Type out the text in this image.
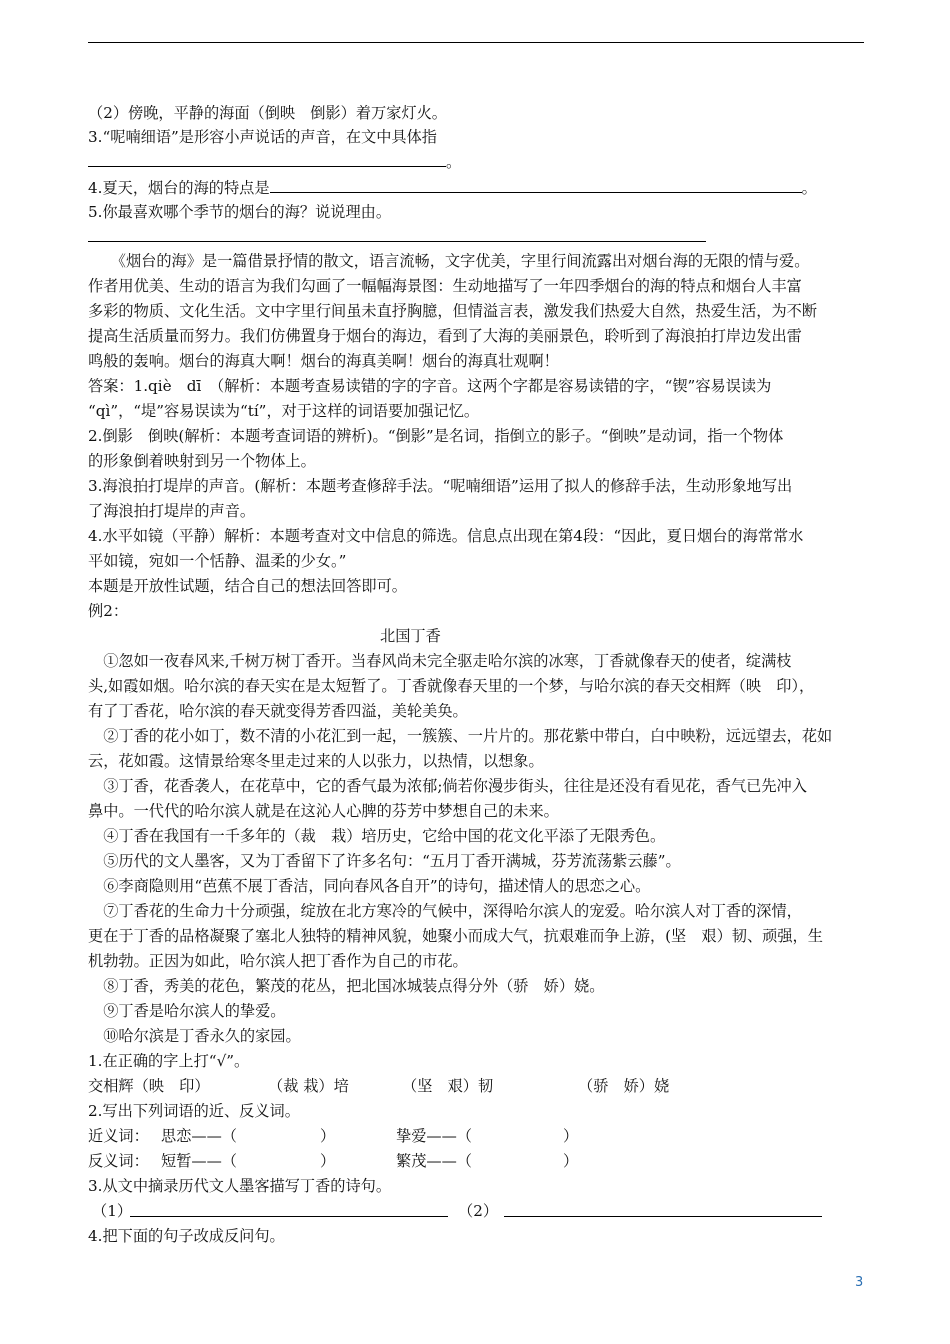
（2）傍晚，平静的海面（倒映　倒影）着万家灯火。
3.“呢喃细语”是形容小声说话的声音，在文中具体指
。
4.夏天，烟台的海的特点是	。
5.你最喜欢哪个季节的烟台的海？说说理由。
　　《烟台的海》是一篇借景抒情的散文，语言流畅，文字优美，字里行间流露出对烟台海的无限的情与爱。
作者用优美、生动的语言为我们勾画了一幅幅海景图：生动地描写了一年四季烟台的海的特点和烟台人丰富
多彩的物质、文化生活。文中字里行间虽未直抒胸臆，但情溢言表，激发我们热爱大自然，热爱生活，为不断
提高生活质量而努力。我们仿佛置身于烟台的海边，看到了大海的美丽景色，聆听到了海浪拍打岸边发出雷
鸣般的轰响。烟台的海真大啊！烟台的海真美啊！烟台的海真壮观啊！
答案：1.qiè　dī　（解析：本题考查易读错的字的字音。这两个字都是容易读错的字，“锲”容易误读为
“qì”，“堤”容易误读为“tí”，对于这样的词语要加强记忆。
2.倒影　倒映(解析：本题考查词语的辨析)。“倒影”是名词，指倒立的影子。“倒映”是动词，指一个物体
的形象倒着映射到另一个物体上。
3.海浪拍打堤岸的声音。(解析：本题考查修辞手法。“呢喃细语”运用了拟人的修辞手法，生动形象地写出
了海浪拍打堤岸的声音。
4.水平如镜（平静）解析：本题考查对文中信息的筛选。信息点出现在第4段：“因此，夏日烟台的海常常水
平如镜，宛如一个恬静、温柔的少女。”
本题是开放性试题，结合自己的想法回答即可。
例2：
北国丁香
　①忽如一夜春风来,千树万树丁香开。当春风尚未完全驱走哈尔滨的冰寒，丁香就像春天的使者，绽满枝
头,如霞如烟。哈尔滨的春天实在是太短暂了。丁香就像春天里的一个梦，与哈尔滨的春天交相辉（映　印），
有了丁香花，哈尔滨的春天就变得芳香四溢，美轮美奂。
　②丁香的花小如丁，数不清的小花汇到一起，一簇簇、一片片的。那花紫中带白，白中映粉，远远望去，花如
云，花如霞。这情景给寒冬里走过来的人以张力，以热情，以想象。
　③丁香，花香袭人，在花草中，它的香气最为浓郁;倘若你漫步街头，往往是还没有看见花，香气已先冲入
鼻中。一代代的哈尔滨人就是在这沁人心脾的芬芳中梦想自己的未来。
　④丁香在我国有一千多年的（裁　栽）培历史，它给中国的花文化平添了无限秀色。
　⑤历代的文人墨客，又为丁香留下了许多名句：“五月丁香开满城，芬芳流荡紫云藤”。
　⑥李商隐则用“芭蕉不展丁香洁，同向春风各自开”的诗句，描述情人的思恋之心。
　⑦丁香花的生命力十分顽强，绽放在北方寒冷的气候中，深得哈尔滨人的宠爱。哈尔滨人对丁香的深情，
更在于丁香的品格凝聚了塞北人独特的精神风貌，她聚小而成大气，抗艰难而争上游，(坚　艰）韧、顽强，生
机勃勃。正因为如此，哈尔滨人把丁香作为自己的市花。
　⑧丁香，秀美的花色，繁茂的花丛，把北国冰城装点得分外（骄　娇）娆。
　⑨丁香是哈尔滨人的挚爱。
　⑩哈尔滨是丁香永久的家园。
1.在正确的字上打“√”。
交相辉（映　印）	（裁 栽）培	（坚　艰）韧	（骄　娇）娆
2.写出下列词语的近、反义词。
近义词： 思恋——（	）	挚爱——（	）
反义词： 短暂——（	）	繁茂——（	）
3.从文中摘录历代文人墨客描写丁香的诗句。
（1）	（2）
4.把下面的句子改成反问句。
3
